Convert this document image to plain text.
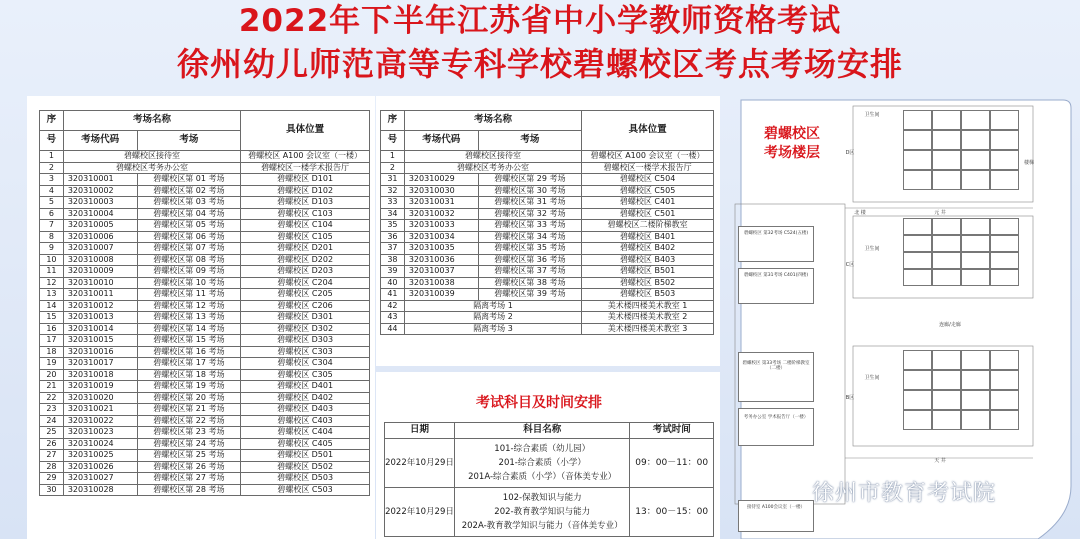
2022年下半年江苏省中小学教师资格考试
徐州幼儿师范高等专科学校碧螺校区考点考场安排
序	考场名称		具体位置
号	考场代码	考场	
1	碧螺校区接待室		碧螺校区 A100 会议室（一楼）
2	碧螺校区考务办公室		碧螺校区一楼学术报告厅
3	320310001	碧螺校区第 01 考场	碧螺校区 D101
4	320310002	碧螺校区第 02 考场	碧螺校区 D102
5	320310003	碧螺校区第 03 考场	碧螺校区 D103
6	320310004	碧螺校区第 04 考场	碧螺校区 C103
7	320310005	碧螺校区第 05 考场	碧螺校区 C104
8	320310006	碧螺校区第 06 考场	碧螺校区 C105
9	320310007	碧螺校区第 07 考场	碧螺校区 D201
10	320310008	碧螺校区第 08 考场	碧螺校区 D202
11	320310009	碧螺校区第 09 考场	碧螺校区 D203
12	320310010	碧螺校区第 10 考场	碧螺校区 C204
13	320310011	碧螺校区第 11 考场	碧螺校区 C205
14	320310012	碧螺校区第 12 考场	碧螺校区 C206
15	320310013	碧螺校区第 13 考场	碧螺校区 D301
16	320310014	碧螺校区第 14 考场	碧螺校区 D302
17	320310015	碧螺校区第 15 考场	碧螺校区 D303
18	320310016	碧螺校区第 16 考场	碧螺校区 C303
19	320310017	碧螺校区第 17 考场	碧螺校区 C304
20	320310018	碧螺校区第 18 考场	碧螺校区 C305
21	320310019	碧螺校区第 19 考场	碧螺校区 D401
22	320310020	碧螺校区第 20 考场	碧螺校区 D402
23	320310021	碧螺校区第 21 考场	碧螺校区 D403
24	320310022	碧螺校区第 22 考场	碧螺校区 C403
25	320310023	碧螺校区第 23 考场	碧螺校区 C404
26	320310024	碧螺校区第 24 考场	碧螺校区 C405
27	320310025	碧螺校区第 25 考场	碧螺校区 D501
28	320310026	碧螺校区第 26 考场	碧螺校区 D502
29	320310027	碧螺校区第 27 考场	碧螺校区 D503
30	320310028	碧螺校区第 28 考场	碧螺校区 C503
序	考场名称		具体位置
号	考场代码	考场	
1	碧螺校区接待室		碧螺校区 A100 会议室（一楼）
2	碧螺校区考务办公室		碧螺校区一楼学术报告厅
31	320310029	碧螺校区第 29 考场	碧螺校区 C504
32	320310030	碧螺校区第 30 考场	碧螺校区 C505
33	320310031	碧螺校区第 31 考场	碧螺校区 C401
34	320310032	碧螺校区第 32 考场	碧螺校区 C501
35	320310033	碧螺校区第 33 考场	碧螺校区二楼阶梯教室
36	320310034	碧螺校区第 34 考场	碧螺校区 B401
37	320310035	碧螺校区第 35 考场	碧螺校区 B402
38	320310036	碧螺校区第 36 考场	碧螺校区 B403
39	320310037	碧螺校区第 37 考场	碧螺校区 B501
40	320310038	碧螺校区第 38 考场	碧螺校区 B502
41	320310039	碧螺校区第 39 考场	碧螺校区 B503
42	隔离考场 1		美术楼四楼美术教室 1
43	隔离考场 2		美术楼四楼美术教室 2
44	隔离考场 3		美术楼四楼美术教室 3
考试科目及时间安排
日期	科目名称	考试时间
2022年10月29日	101-综合素质（幼儿园）
201-综合素质（小学）
201A-综合素质（小学）（音体美专业）	09：00－11：00
2022年10月29日	102-保教知识与能力
202-教育教学知识与能力
202A-教育教学知识与能力（音体美专业）	13：00－15：00
碧螺校区
考场楼层	D区
C区
B区
北 楼	元 井
连廊/走廊
天 井
碧螺校区 第32考场 C524(五楼)
碧螺校区 第31考场 C401(四楼)
碧螺校区 第33考场 二楼阶梯教室（二楼）
考务办公室 学术报告厅（一楼）
接待室 A100会议室（一楼）
卫生间
卫生间
卫生间
楼梯
徐州市教育考试院
